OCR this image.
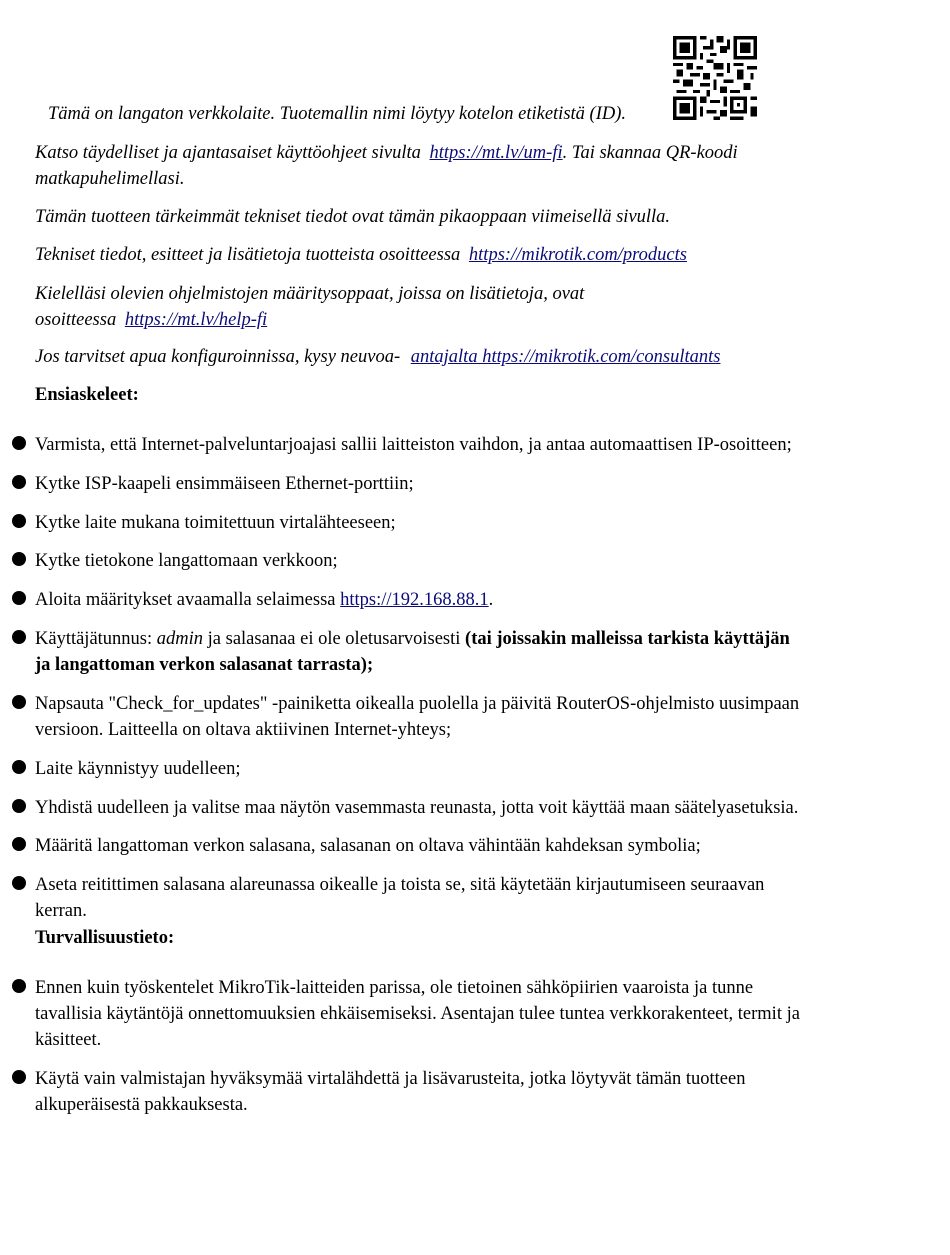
Tämä on langaton verkkolaite. Tuotemallin nimi löytyy kotelon etiketistä (ID).
Katso täydelliset ja ajantasaiset käyttöohjeet sivulta https://mt.lv/um-fi. Tai skannaa QR-koodi
matkapuhelimellasi.
Tämän tuotteen tärkeimmät tekniset tiedot ovat tämän pikaoppaan viimeisellä sivulla.
Tekniset tiedot, esitteet ja lisätietoja tuotteista osoitteessa https://mikrotik.com/products
Kielelläsi olevien ohjelmistojen määritysoppaat, joissa on lisätietoja, ovat
osoitteessa https://mt.lv/help-fi
Jos tarvitset apua konfiguroinnissa, kysy neuvoa- antajalta https://mikrotik.com/consultants
Ensiaskeleet:
Varmista, että Internet-palveluntarjoajasi sallii laitteiston vaihdon, ja antaa automaattisen IP-osoitteen;
Kytke ISP-kaapeli ensimmäiseen Ethernet-porttiin;
Kytke laite mukana toimitettuun virtalähteeseen;
Kytke tietokone langattomaan verkkoon;
Aloita määritykset avaamalla selaimessa https://192.168.88.1.
Käyttäjätunnus: admin ja salasanaa ei ole oletusarvoisesti (tai joissakin malleissa tarkista käyttäjän
ja langattoman verkon salasanat tarrasta);
Napsauta "Check_for_updates" -painiketta oikealla puolella ja päivitä RouterOS-ohjelmisto uusimpaan
versioon. Laitteella on oltava aktiivinen Internet-yhteys;
Laite käynnistyy uudelleen;
Yhdistä uudelleen ja valitse maa näytön vasemmasta reunasta, jotta voit käyttää maan säätelyasetuksia.
Määritä langattoman verkon salasana, salasanan on oltava vähintään kahdeksan symbolia;
Aseta reitittimen salasana alareunassa oikealle ja toista se, sitä käytetään kirjautumiseen seuraavan
kerran.
Turvallisuustieto:
Ennen kuin työskentelet MikroTik-laitteiden parissa, ole tietoinen sähköpiirien vaaroista ja tunne
tavallisia käytäntöjä onnettomuuksien ehkäisemiseksi. Asentajan tulee tuntea verkkorakenteet, termit ja
käsitteet.
Käytä vain valmistajan hyväksymää virtalähdettä ja lisävarusteita, jotka löytyvät tämän tuotteen
alkuperäisestä pakkauksesta.
